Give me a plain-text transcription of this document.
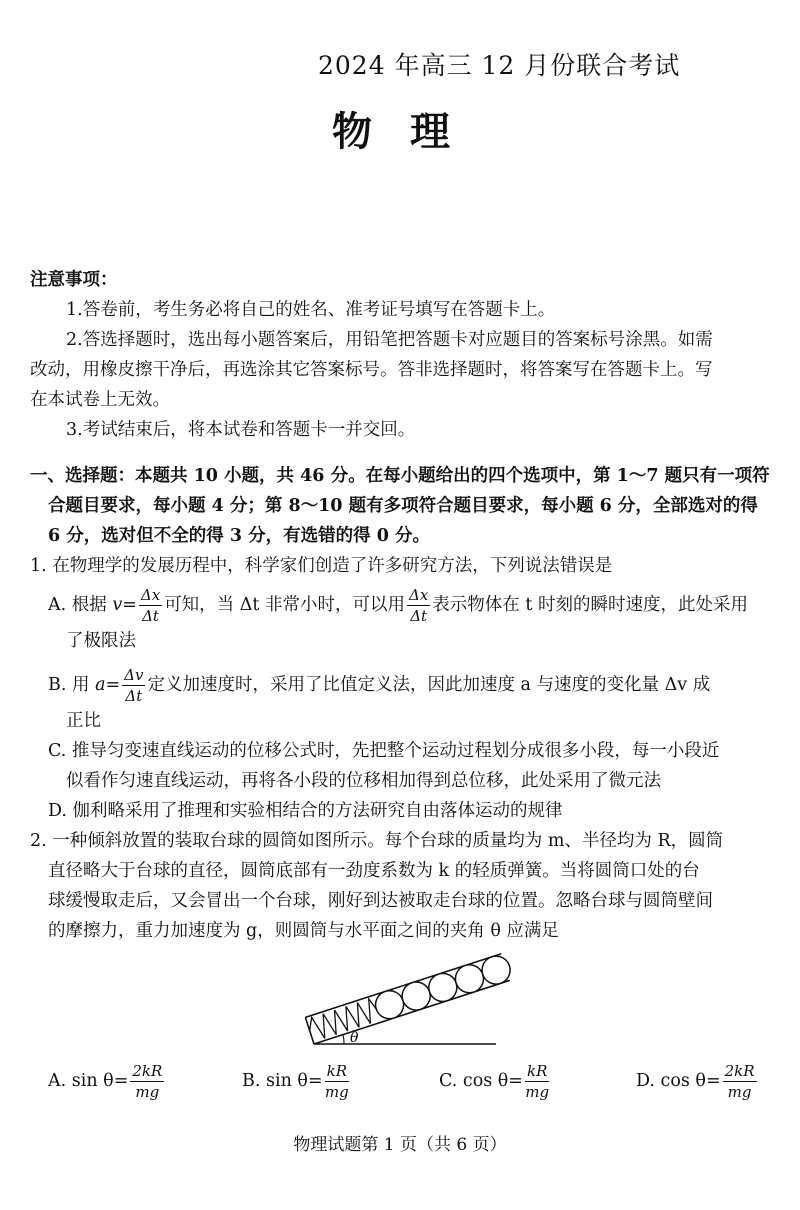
2024 年高三 12 月份联合考试
物理
注意事项：
1.答卷前，考生务必将自己的姓名、准考证号填写在答题卡上。
2.答选择题时，选出每小题答案后，用铅笔把答题卡对应题目的答案标号涂黑。如需
改动，用橡皮擦干净后，再选涂其它答案标号。答非选择题时，将答案写在答题卡上。写
在本试卷上无效。
3.考试结束后，将本试卷和答题卡一并交回。
一、选择题：本题共 10 小题，共 46 分。在每小题给出的四个选项中，第 1～7 题只有一项符
合题目要求，每小题 4 分；第 8～10 题有多项符合题目要求，每小题 6 分，全部选对的得
6 分，选对但不全的得 3 分，有选错的得 0 分。
1. 在物理学的发展历程中，科学家们创造了许多研究方法，下列说法错误是
A. 根据 $v= \frac{\Delta x}{\Delta t}$ 可知，当 Δt 非常小时，可以用 $\frac{\Delta x}{\Delta t}$ 表示物体在 t 时刻的瞬时速度，此处采用
了极限法
B. 用 $a= \frac{\Delta v}{\Delta t}$ 定义加速度时，采用了比值定义法，因此加速度 a 与速度的变化量 Δv 成
正比
C. 推导匀变速直线运动的位移公式时，先把整个运动过程划分成很多小段，每一小段近
似看作匀速直线运动，再将各小段的位移相加得到总位移，此处采用了微元法
D. 伽利略采用了推理和实验相结合的方法研究自由落体运动的规律
2. 一种倾斜放置的装取台球的圆筒如图所示。每个台球的质量均为 m、半径均为 R，圆筒
直径略大于台球的直径，圆筒底部有一劲度系数为 k 的轻质弹簧。当将圆筒口处的台
球缓慢取走后，又会冒出一个台球，刚好到达被取走台球的位置。忽略台球与圆筒壁间
的摩擦力，重力加速度为 g，则圆筒与水平面之间的夹角 θ 应满足
θ
A. $\sin \theta= \frac{2kR}{mg}$	B. $\sin \theta= \frac{kR}{mg}$	C. $\cos \theta= \frac{kR}{mg}$	D. $\cos \theta= \frac{2kR}{mg}$
物理试题第 1 页（共 6 页）
